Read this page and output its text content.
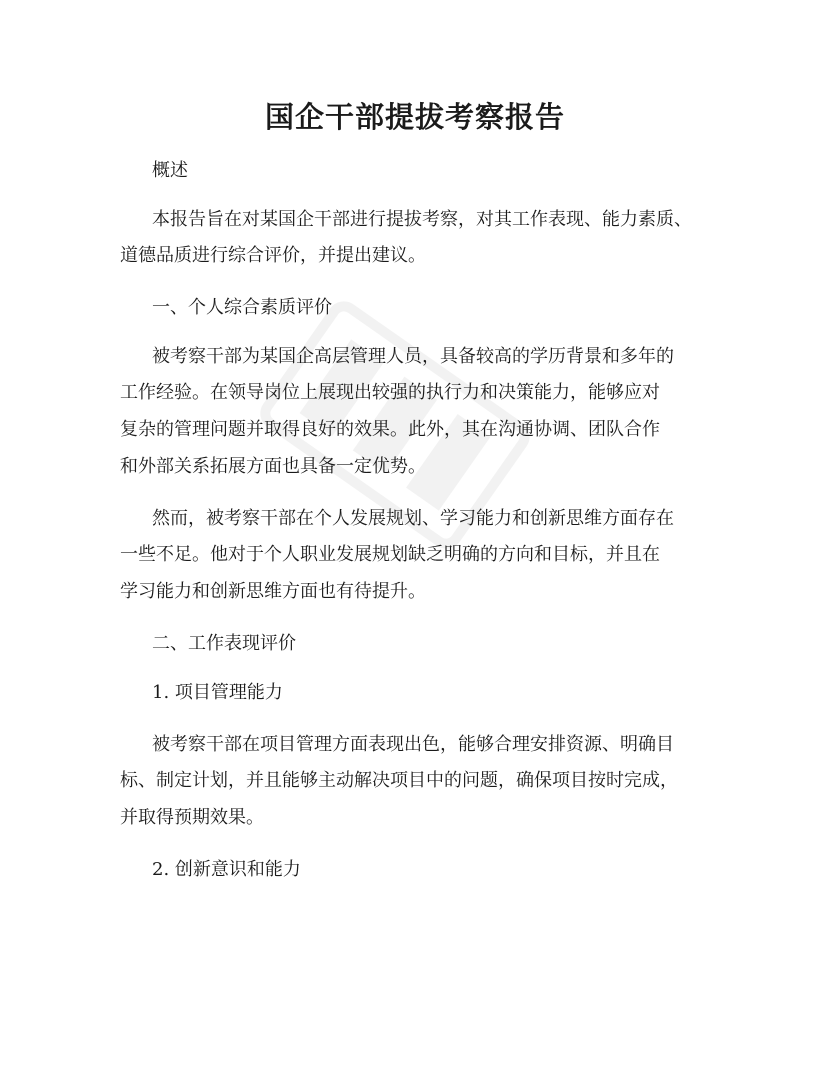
国企干部提拔考察报告

概述

本报告旨在对某国企干部进行提拔考察，对其工作表现、能力素质、

道德品质进行综合评价，并提出建议。

一、个人综合素质评价

被考察干部为某国企高层管理人员，具备较高的学历背景和多年的

工作经验。在领导岗位上展现出较强的执行力和决策能力，能够应对

复杂的管理问题并取得良好的效果。此外，其在沟通协调、团队合作

和外部关系拓展方面也具备一定优势。

然而，被考察干部在个人发展规划、学习能力和创新思维方面存在

一些不足。他对于个人职业发展规划缺乏明确的方向和目标，并且在

学习能力和创新思维方面也有待提升。

二、工作表现评价

1. 项目管理能力

被考察干部在项目管理方面表现出色，能够合理安排资源、明确目

标、制定计划，并且能够主动解决项目中的问题，确保项目按时完成，

并取得预期效果。

2. 创新意识和能力
